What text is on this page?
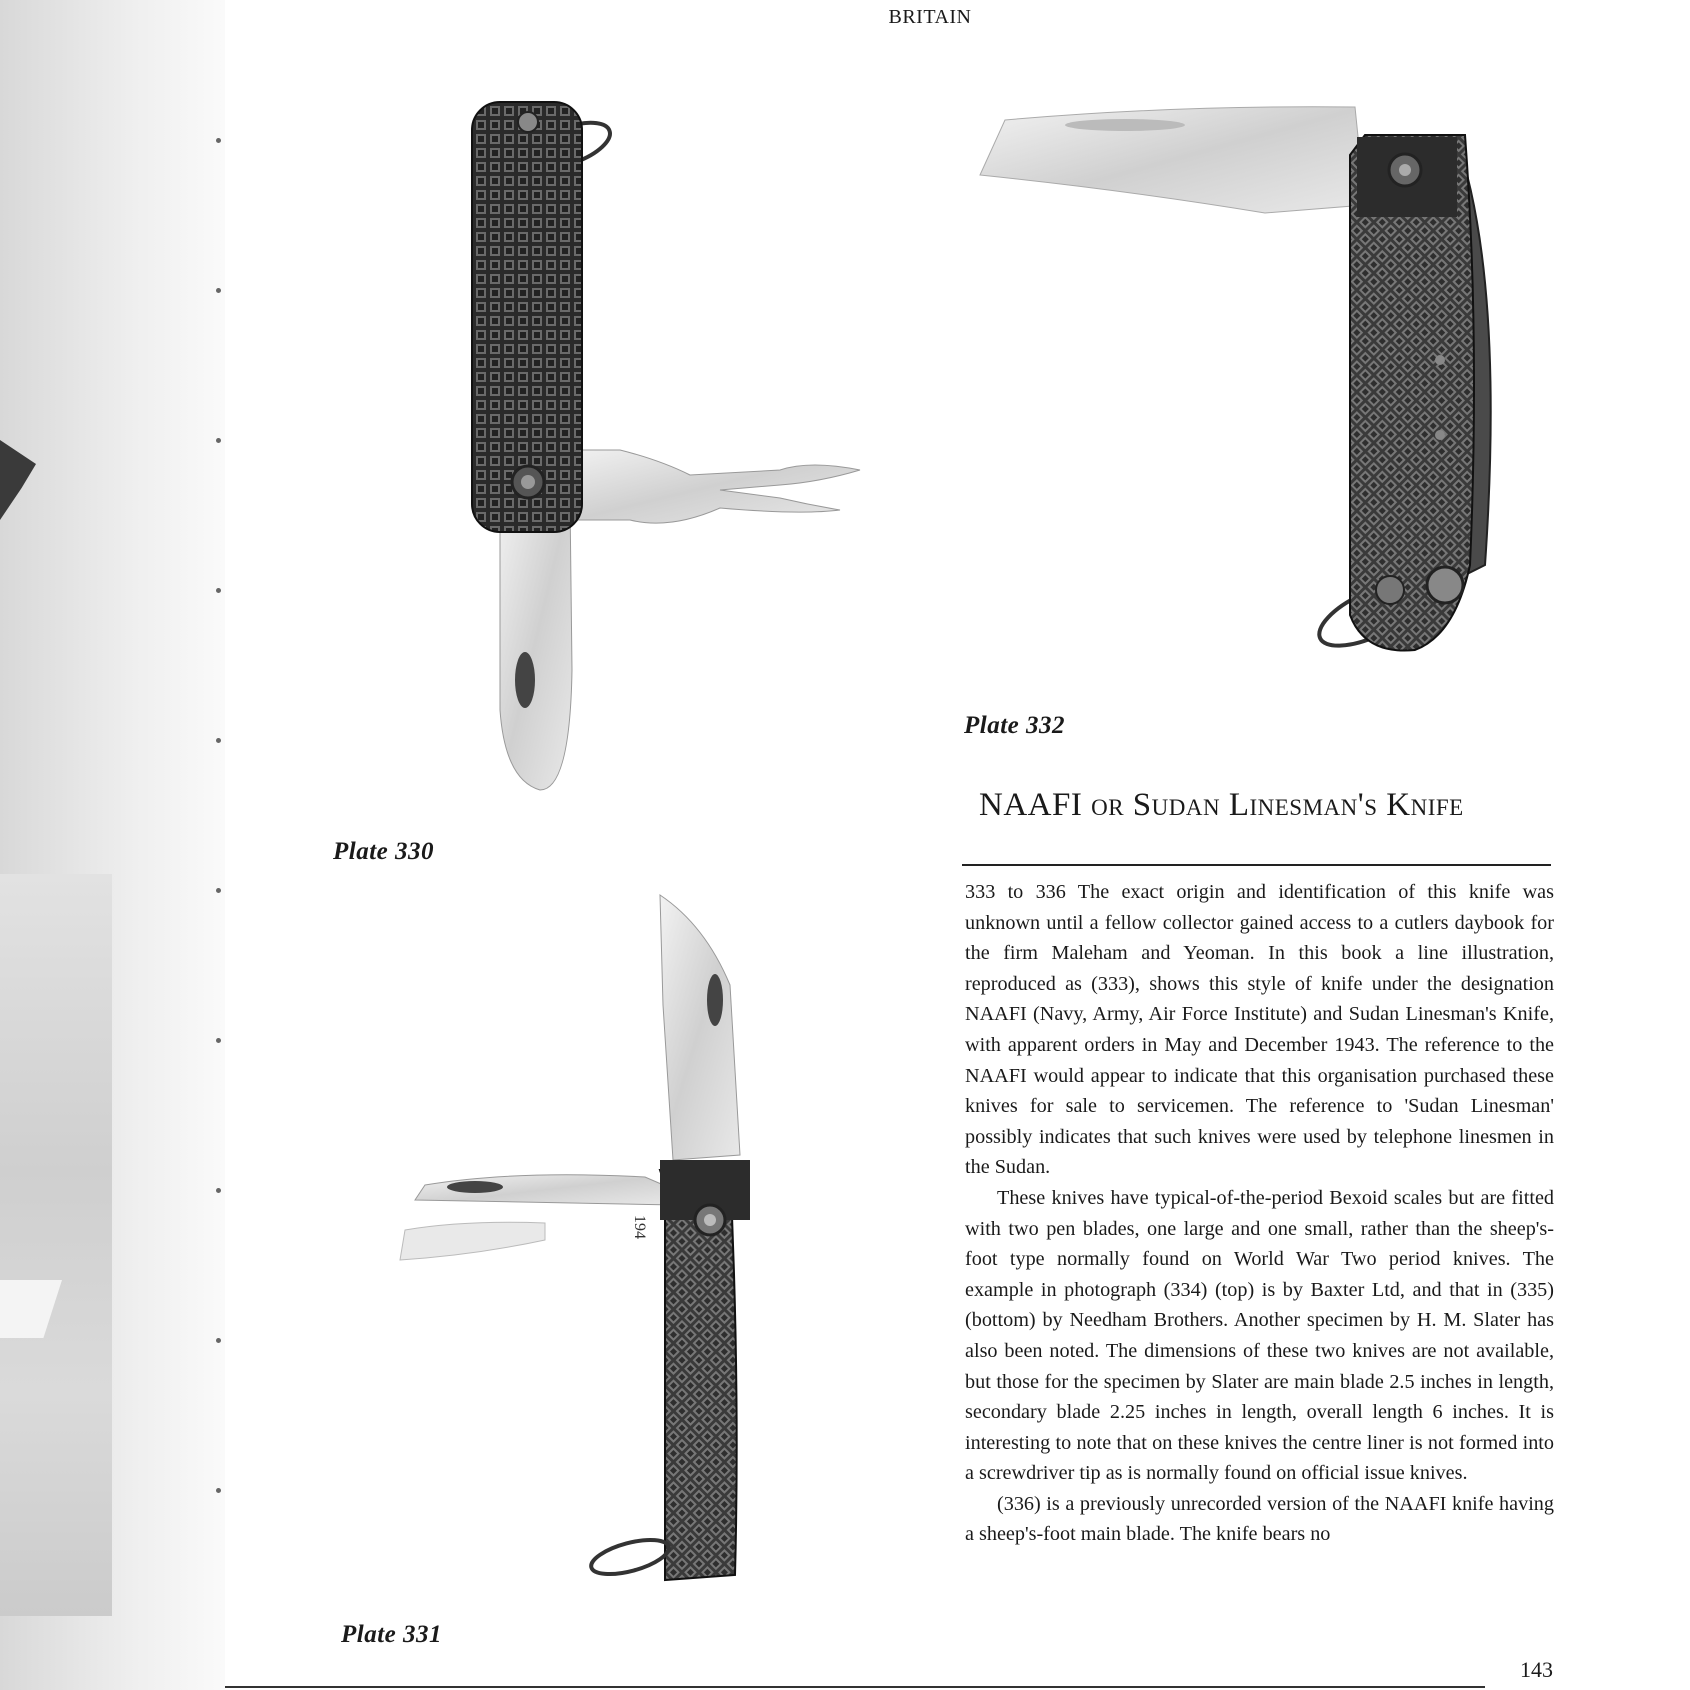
BRITAIN
Plate 330
Plate 332
NAAFI or Sudan Linesman's Knife
194
Plate 331

333 to 336 The exact origin and identification of this knife was unknown until a fellow collector gained access to a cutlers daybook for the firm Maleham and Yeoman. In this book a line illustration, reproduced as (333), shows this style of knife under the designation NAAFI (Navy, Army, Air Force Institute) and Sudan Linesman's Knife, with apparent orders in May and December 1943. The reference to the NAAFI would appear to indicate that this organisation purchased these knives for sale to servicemen. The reference to 'Sudan Linesman' possibly indicates that such knives were used by telephone linesmen in the Sudan.

These knives have typical-of-the-period Bexoid scales but are fitted with two pen blades, one large and one small, rather than the sheep's-foot type normally found on World War Two period knives. The example in photograph (334) (top) is by Baxter Ltd, and that in (335) (bottom) by Needham Brothers. Another specimen by H. M. Slater has also been noted. The dimensions of these two knives are not available, but those for the specimen by Slater are main blade 2.5 inches in length, secondary blade 2.25 inches in length, overall length 6 inches. It is interesting to note that on these knives the centre liner is not formed into a screwdriver tip as is normally found on official issue knives.

(336) is a previously unrecorded version of the NAAFI knife having a sheep's-foot main blade. The knife bears no

143
